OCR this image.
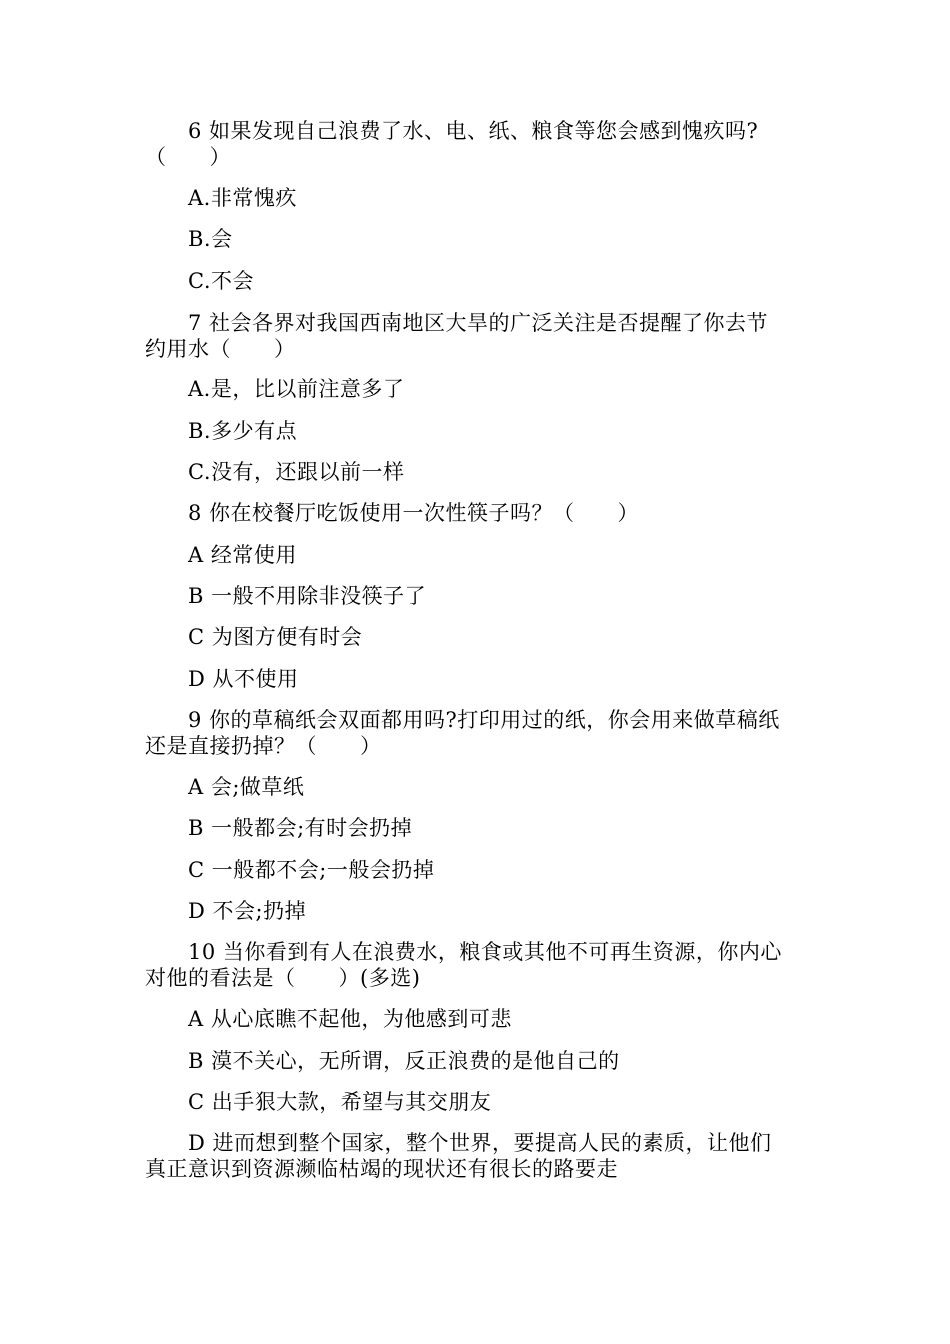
6 如果发现自己浪费了水、电、纸、粮食等您会感到愧疚吗?
（　　）
A.非常愧疚
B.会
C.不会
7 社会各界对我国西南地区大旱的广泛关注是否提醒了你去节
约用水（　　）
A.是，比以前注意多了
B.多少有点
C.没有，还跟以前一样
8 你在校餐厅吃饭使用一次性筷子吗？（　　）
A 经常使用
B 一般不用除非没筷子了
C 为图方便有时会
D 从不使用
9 你的草稿纸会双面都用吗?打印用过的纸，你会用来做草稿纸
还是直接扔掉？（　　）
A 会;做草纸
B 一般都会;有时会扔掉
C 一般都不会;一般会扔掉
D 不会;扔掉
10 当你看到有人在浪费水，粮食或其他不可再生资源，你内心
对他的看法是（　　）(多选)
A 从心底瞧不起他，为他感到可悲
B 漠不关心，无所谓，反正浪费的是他自己的
C 出手狠大款，希望与其交朋友
D 进而想到整个国家，整个世界，要提高人民的素质，让他们
真正意识到资源濒临枯竭的现状还有很长的路要走
